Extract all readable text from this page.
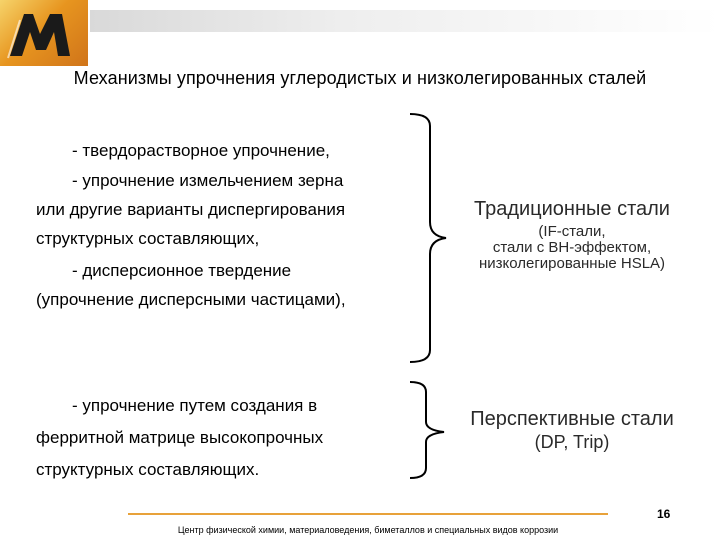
Механизмы упрочнения углеродистых и низколегированных сталей
- твердорастворное упрочнение,
- упрочнение измельчением зерна
или другие варианты диспергирования
структурных составляющих,
- дисперсионное твердение
(упрочнение дисперсными частицами),
- упрочнение путем создания в
ферритной матрице высокопрочных
структурных составляющих.
Традиционные стали
(IF-стали,
стали с ВН-эффектом,
низколегированные HSLA)
Перспективные стали
(DP, Trip)
16
Центр физической химии, материаловедения, биметаллов и специальных видов коррозии
